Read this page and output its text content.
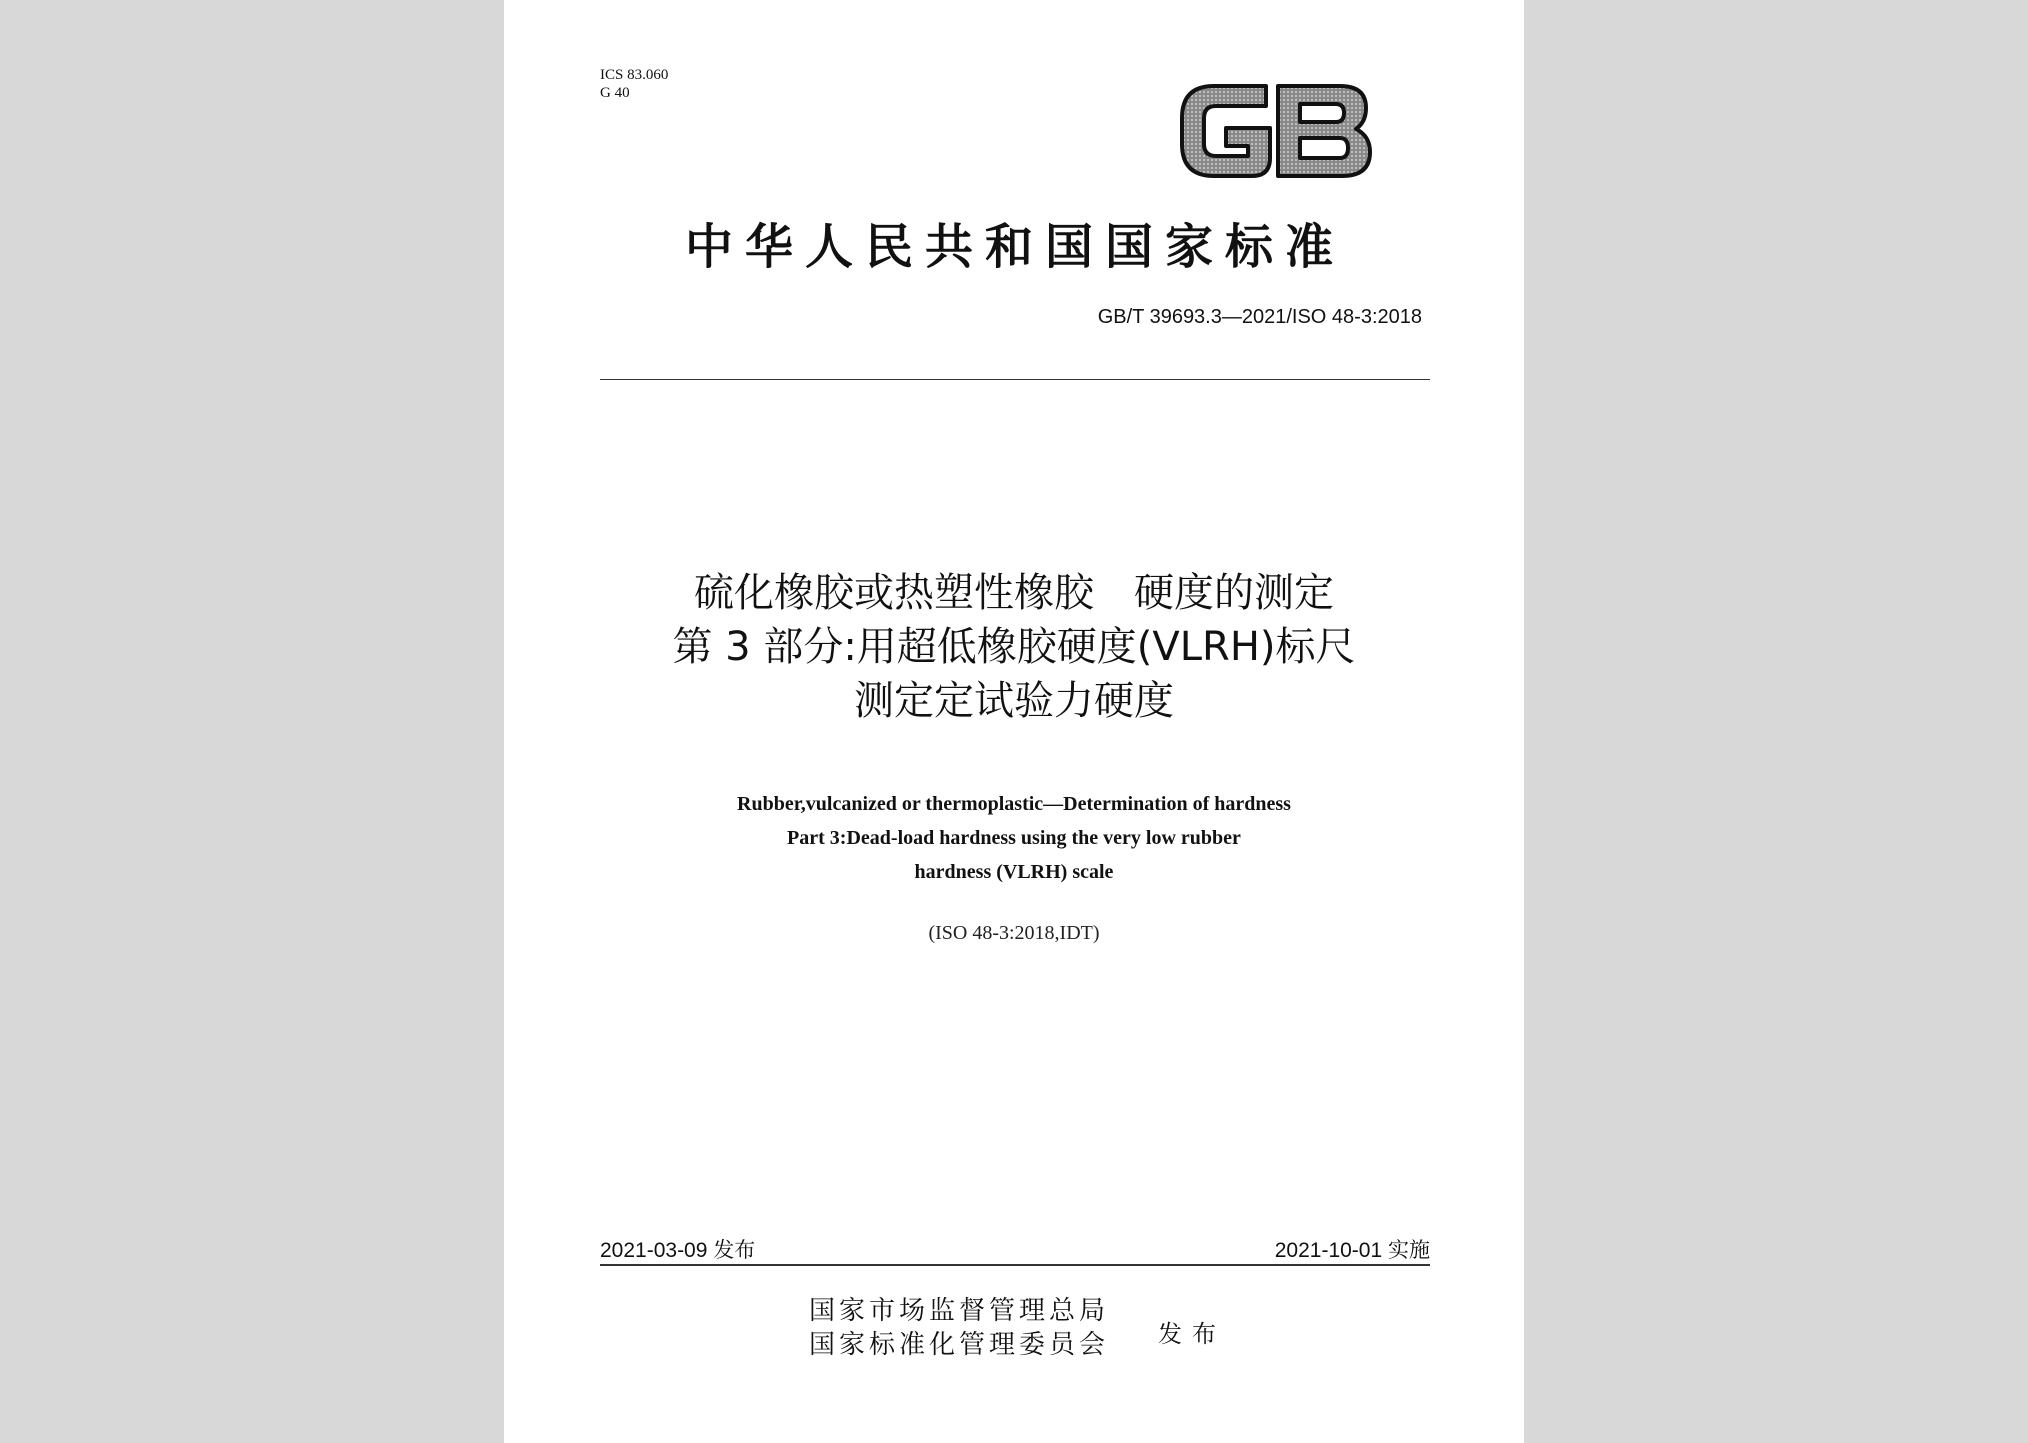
ICS 83.060
G 40
中华人民共和国国家标准
GB/T 39693.3—2021/ISO 48-3:2018
硫化橡胶或热塑性橡胶　硬度的测定
第 3 部分:用超低橡胶硬度(VLRH)标尺
测定定试验力硬度
Rubber,vulcanized or thermoplastic—Determination of hardness
Part 3:Dead-load hardness using the very low rubber
hardness (VLRH) scale
(ISO 48-3:2018,IDT)
2021-03-09 发布	2021-10-01 实施
国家市场监督管理总局
国家标准化管理委员会 发布
